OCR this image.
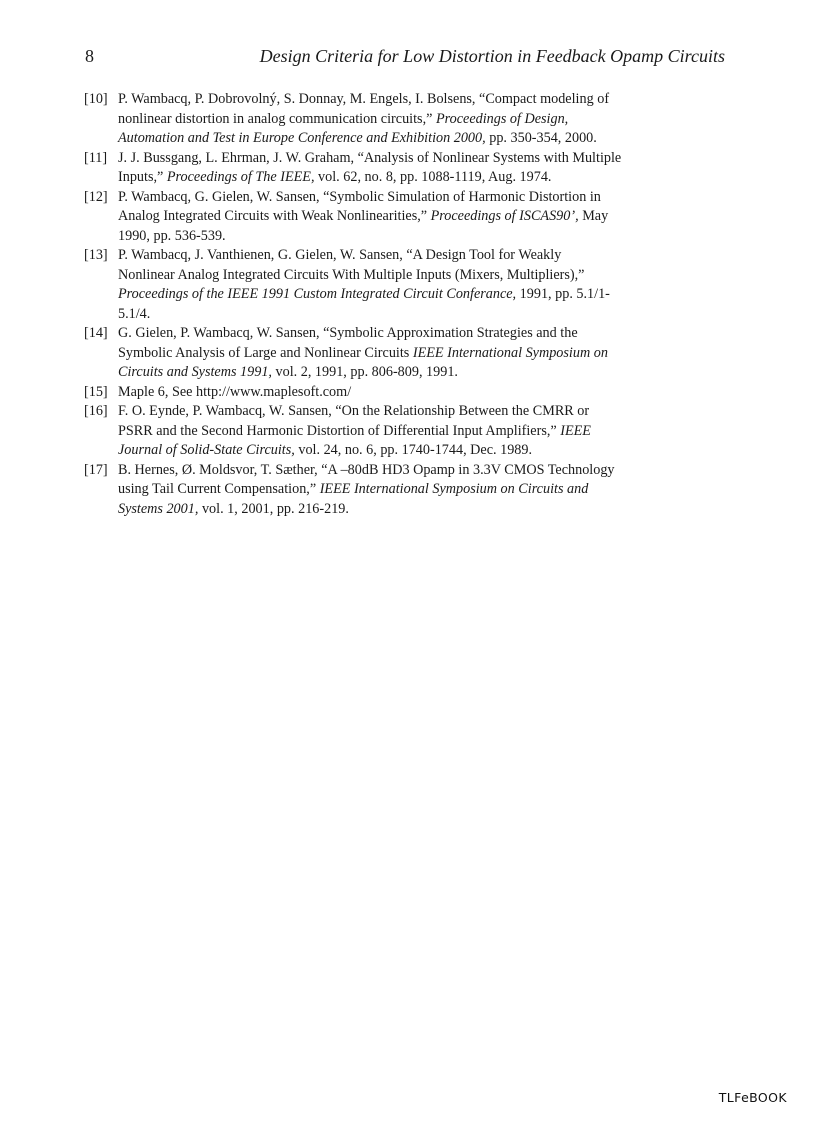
8	Design Criteria for Low Distortion in Feedback Opamp Circuits
[10] P. Wambacq, P. Dobrovolný, S. Donnay, M. Engels, I. Bolsens, “Compact modeling of
nonlinear distortion in analog communication circuits,” Proceedings of Design,
Automation and Test in Europe Conference and Exhibition 2000, pp. 350-354, 2000.
[11] J. J. Bussgang, L. Ehrman, J. W. Graham, “Analysis of Nonlinear Systems with Multiple
Inputs,” Proceedings of The IEEE, vol. 62, no. 8, pp. 1088-1119, Aug. 1974.
[12] P. Wambacq, G. Gielen, W. Sansen, “Symbolic Simulation of Harmonic Distortion in
Analog Integrated Circuits with Weak Nonlinearities,” Proceedings of ISCAS90’, May
1990, pp. 536-539.
[13] P. Wambacq, J. Vanthienen, G. Gielen, W. Sansen, “A Design Tool for Weakly
Nonlinear Analog Integrated Circuits With Multiple Inputs (Mixers, Multipliers),”
Proceedings of the IEEE 1991 Custom Integrated Circuit Conferance, 1991, pp. 5.1/1-
5.1/4.
[14] G. Gielen, P. Wambacq, W. Sansen, “Symbolic Approximation Strategies and the
Symbolic Analysis of Large and Nonlinear Circuits IEEE International Symposium on
Circuits and Systems 1991, vol. 2, 1991, pp. 806-809, 1991.
[15] Maple 6, See http://www.maplesoft.com/
[16] F. O. Eynde, P. Wambacq, W. Sansen, “On the Relationship Between the CMRR or
PSRR and the Second Harmonic Distortion of Differential Input Amplifiers,” IEEE
Journal of Solid-State Circuits, vol. 24, no. 6, pp. 1740-1744, Dec. 1989.
[17] B. Hernes, Ø. Moldsvor, T. Sæther, “A –80dB HD3 Opamp in 3.3V CMOS Technology
using Tail Current Compensation,” IEEE International Symposium on Circuits and
Systems 2001, vol. 1, 2001, pp. 216-219.
TLFeBOOK
